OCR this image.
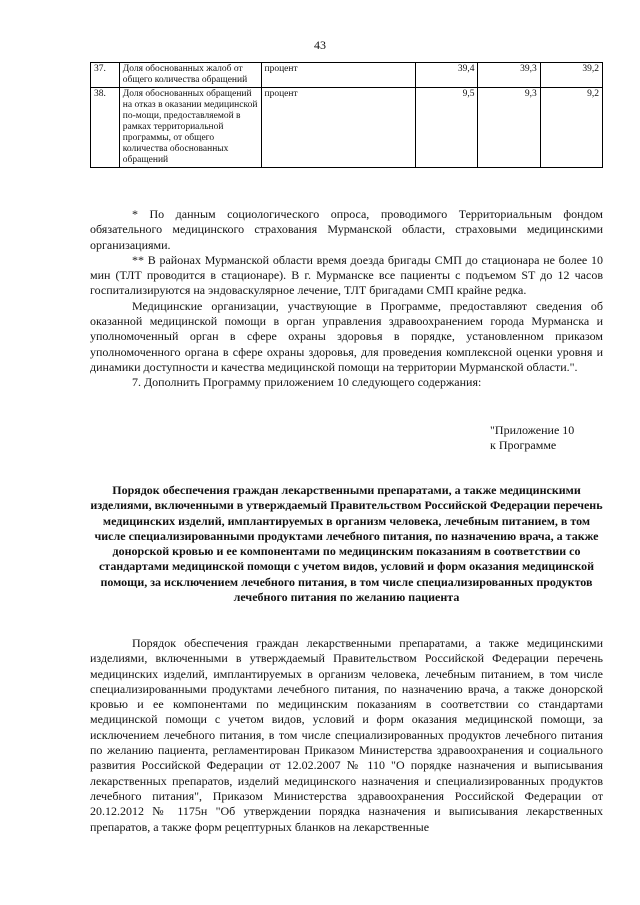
43
37.	Доля обоснованных жалоб от общего количества обращений	процент	39,4	39,3	39,2
38.	Доля обоснованных обращений на отказ в оказании медицинской по-мощи, предоставляемой в рамках территориальной программы, от общего количества обоснованных обращений	процент	9,5	9,3	9,2

* По данным социологического опроса, проводимого Территориальным фондом обязательного медицинского страхования Мурманской области, страховыми медицинскими организациями.

** В районах Мурманской области время доезда бригады СМП до стационара не более 10 мин (ТЛТ проводится в стационаре). В г. Мурманске все пациенты с подъемом ST до 12 часов госпитализируются на эндоваскулярное лечение, ТЛТ бригадами СМП крайне редка.

Медицинские организации, участвующие в Программе, предоставляют сведения об оказанной медицинской помощи в орган управления здравоохранением города Мурманска и уполномоченный орган в сфере охраны здоровья в порядке, установленном приказом уполномоченного органа в сфере охраны здоровья, для проведения комплексной оценки уровня и динамики доступности и качества медицинской помощи на территории Мурманской области.".

7. Дополнить Программу приложением 10 следующего содержания:

"Приложение 10
к Программе
Порядок обеспечения граждан лекарственными препаратами, а также медицинскими изделиями, включенными в утверждаемый Правительством Российской Федерации перечень медицинских изделий, имплантируемых в организм человека, лечебным питанием, в том числе специализированными продуктами лечебного питания, по назначению врача, а также донорской кровью и ее компонентами по медицинским показаниям в соответствии со стандартами медицинской помощи с учетом видов, условий и форм оказания медицинской помощи, за исключением лечебного питания, в том числе специализированных продуктов лечебного питания по желанию пациента

Порядок обеспечения граждан лекарственными препаратами, а также медицинскими изделиями, включенными в утверждаемый Правительством Российской Федерации перечень медицинских изделий, имплантируемых в организм человека, лечебным питанием, в том числе специализированными продуктами лечебного питания, по назначению врача, а также донорской кровью и ее компонентами по медицинским показаниям в соответствии со стандартами медицинской помощи с учетом видов, условий и форм оказания медицинской помощи, за исключением лечебного питания, в том числе специализированных продуктов лечебного питания по желанию пациента, регламентирован Приказом Министерства здравоохранения и социального развития Российской Федерации от 12.02.2007 № 110 "О порядке назначения и выписывания лекарственных препаратов, изделий медицинского назначения и специализированных продуктов лечебного питания", Приказом Министерства здравоохранения Российской Федерации от 20.12.2012 № 1175н "Об утверждении порядка назначения и выписывания лекарственных препаратов, а также форм рецептурных бланков на лекарственные
